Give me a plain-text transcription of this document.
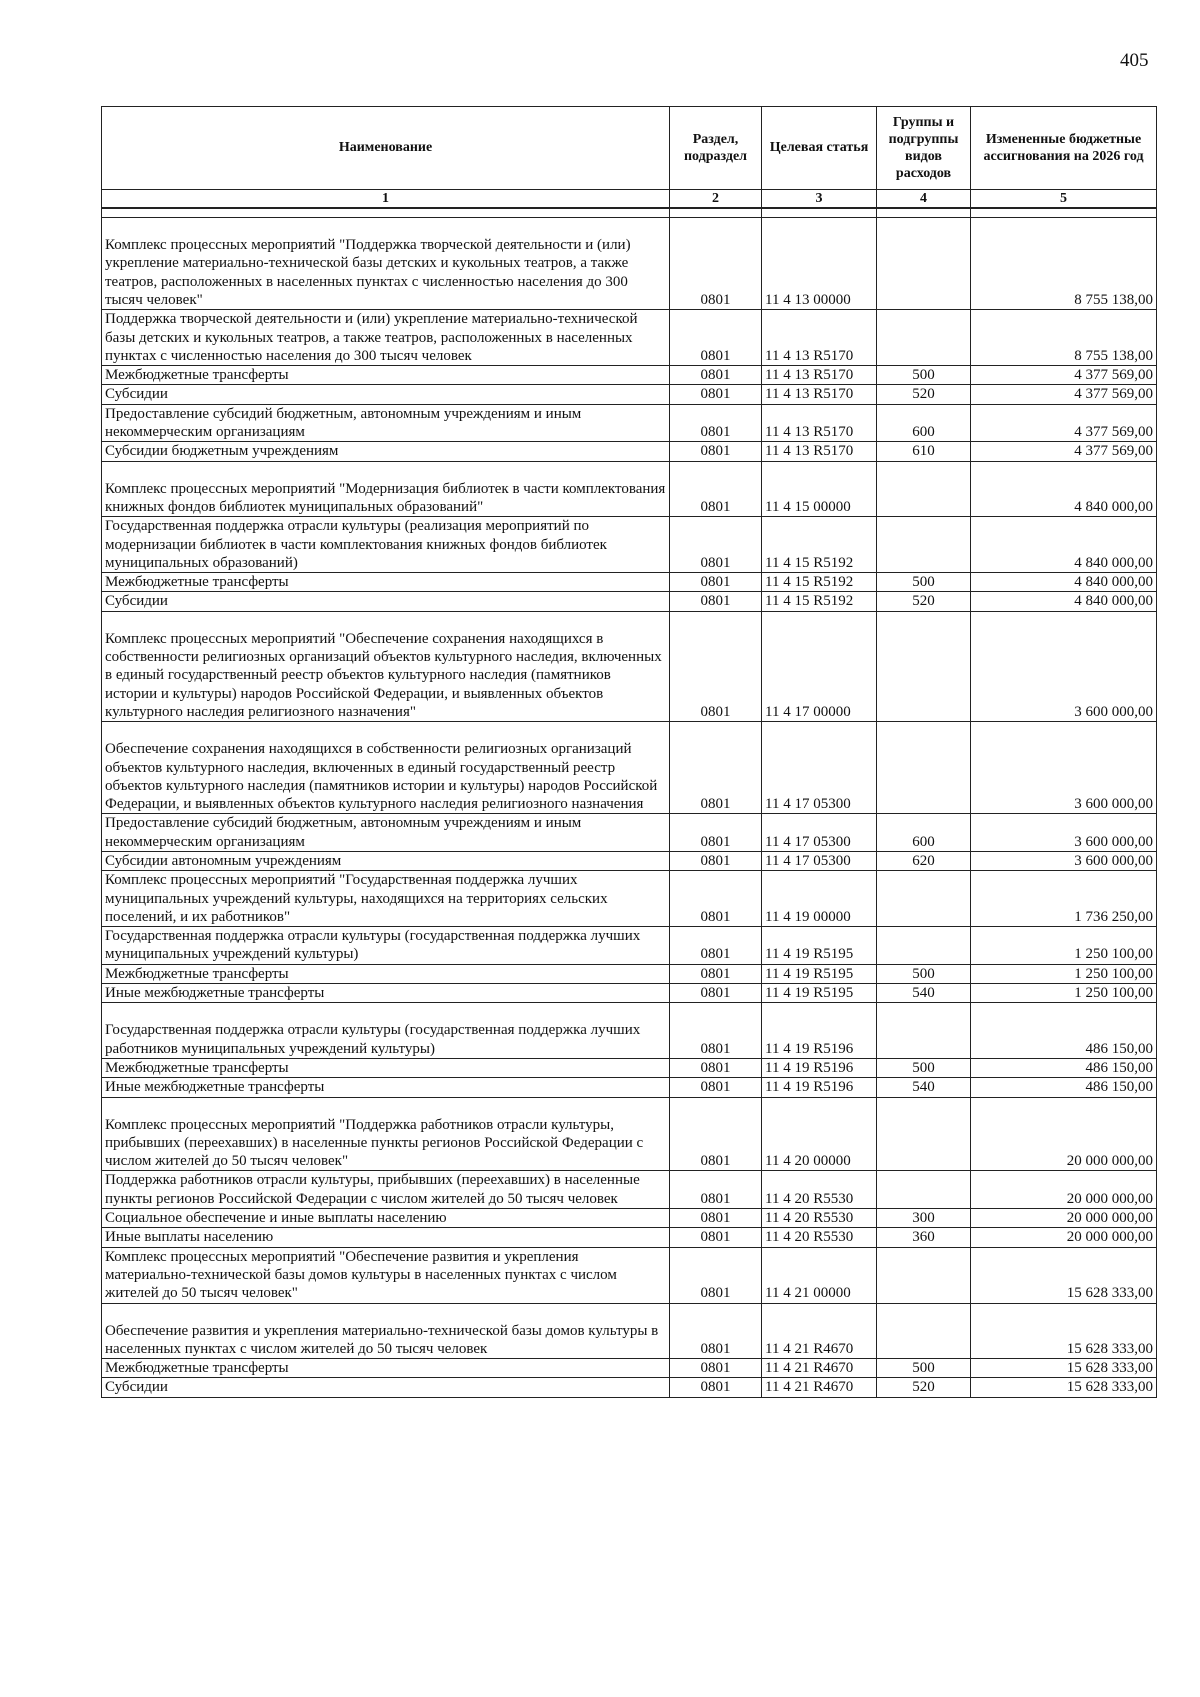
405
Наименование	Раздел, подраздел	Целевая статья	Группы и подгруппы видов расходов	Измененные бюджетные ассигнования на 2026 год
1	2	3	4	5

Комплекс процессных мероприятий "Поддержка творческой деятельности и (или) укрепление материально-технической базы детских и кукольных театров, а также театров, расположенных в населенных пунктах с численностью населения до 300 тысяч человек"	0801	11 4 13 00000		8 755 138,00
Поддержка творческой деятельности и (или) укрепление материально-технической базы детских и кукольных театров, а также театров, расположенных в населенных пунктах с численностью населения до 300 тысяч человек	0801	11 4 13 R5170		8 755 138,00
Межбюджетные трансферты	0801	11 4 13 R5170	500	4 377 569,00
Субсидии	0801	11 4 13 R5170	520	4 377 569,00
Предоставление субсидий бюджетным, автономным учреждениям и иным некоммерческим организациям	0801	11 4 13 R5170	600	4 377 569,00
Субсидии бюджетным учреждениям	0801	11 4 13 R5170	610	4 377 569,00
Комплекс процессных мероприятий "Модернизация библиотек в части комплектования книжных фондов библиотек муниципальных образований"	0801	11 4 15 00000		4 840 000,00
Государственная поддержка отрасли культуры (реализация мероприятий по модернизации библиотек в части комплектования книжных фондов библиотек муниципальных образований)	0801	11 4 15 R5192		4 840 000,00
Межбюджетные трансферты	0801	11 4 15 R5192	500	4 840 000,00
Субсидии	0801	11 4 15 R5192	520	4 840 000,00
Комплекс процессных мероприятий "Обеспечение сохранения находящихся в собственности религиозных организаций объектов культурного наследия, включенных в единый государственный реестр объектов культурного наследия (памятников истории и культуры) народов Российской Федерации, и выявленных объектов культурного наследия религиозного назначения"	0801	11 4 17 00000		3 600 000,00
Обеспечение сохранения находящихся в собственности религиозных организаций объектов культурного наследия, включенных в единый государственный реестр объектов культурного наследия (памятников истории и культуры) народов Российской Федерации, и выявленных объектов культурного наследия религиозного назначения	0801	11 4 17 05300		3 600 000,00
Предоставление субсидий бюджетным, автономным учреждениям и иным некоммерческим организациям	0801	11 4 17 05300	600	3 600 000,00
Субсидии автономным учреждениям	0801	11 4 17 05300	620	3 600 000,00
Комплекс процессных мероприятий "Государственная поддержка лучших муниципальных учреждений культуры, находящихся на территориях сельских поселений, и их работников"	0801	11 4 19 00000		1 736 250,00
Государственная поддержка отрасли культуры (государственная поддержка лучших муниципальных учреждений культуры)	0801	11 4 19 R5195		1 250 100,00
Межбюджетные трансферты	0801	11 4 19 R5195	500	1 250 100,00
Иные межбюджетные трансферты	0801	11 4 19 R5195	540	1 250 100,00
Государственная поддержка отрасли культуры (государственная поддержка лучших работников муниципальных учреждений культуры)	0801	11 4 19 R5196		486 150,00
Межбюджетные трансферты	0801	11 4 19 R5196	500	486 150,00
Иные межбюджетные трансферты	0801	11 4 19 R5196	540	486 150,00
Комплекс процессных мероприятий "Поддержка работников отрасли культуры, прибывших (переехавших) в населенные пункты регионов Российской Федерации с числом жителей до 50 тысяч человек"	0801	11 4 20 00000		20 000 000,00
Поддержка работников отрасли культуры, прибывших (переехавших) в населенные пункты регионов Российской Федерации с числом жителей до 50 тысяч человек	0801	11 4 20 R5530		20 000 000,00
Социальное обеспечение и иные выплаты населению	0801	11 4 20 R5530	300	20 000 000,00
Иные выплаты населению	0801	11 4 20 R5530	360	20 000 000,00
Комплекс процессных мероприятий "Обеспечение развития и укрепления материально-технической базы домов культуры в населенных пунктах с числом жителей до 50 тысяч человек"	0801	11 4 21 00000		15 628 333,00
Обеспечение развития и укрепления материально-технической базы домов культуры в населенных пунктах с числом жителей до 50 тысяч человек	0801	11 4 21 R4670		15 628 333,00
Межбюджетные трансферты	0801	11 4 21 R4670	500	15 628 333,00
Субсидии	0801	11 4 21 R4670	520	15 628 333,00
